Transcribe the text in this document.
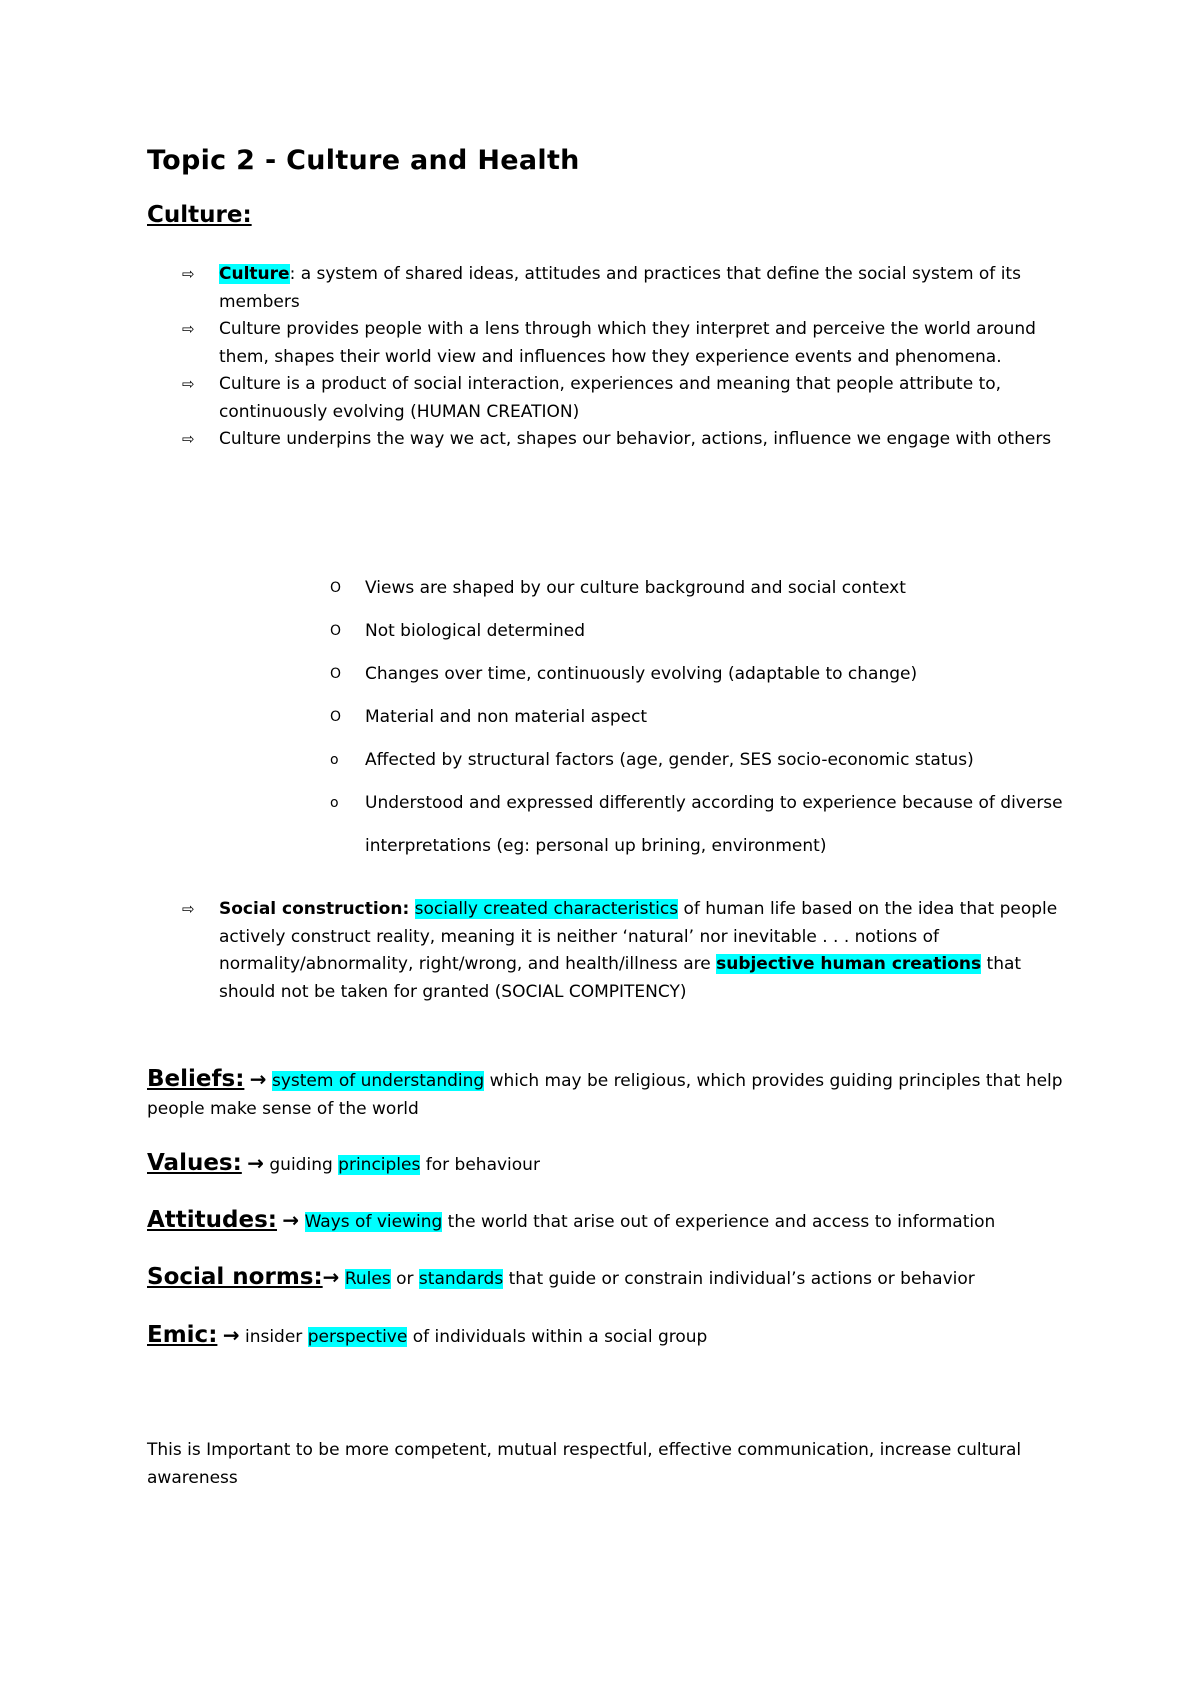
Topic 2 - Culture and Health
Culture:
⇨ Culture: a system of shared ideas, attitudes and practices that define the social system of its members
⇨ Culture provides people with a lens through which they interpret and perceive the world around them, shapes their world view and influences how they experience events and phenomena.
⇨ Culture is a product of social interaction, experiences and meaning that people attribute to, continuously evolving (HUMAN CREATION)
⇨ Culture underpins the way we act, shapes our behavior, actions, influence we engage with others
O Views are shaped by our culture background and social context
O Not biological determined
O Changes over time, continuously evolving (adaptable to change)
O Material and non material aspect
o Affected by structural factors (age, gender, SES socio-economic status)
o Understood and expressed differently according to experience because of diverse interpretations (eg: personal up brining, environment)
⇨ Social construction: socially created characteristics of human life based on the idea that people actively construct reality, meaning it is neither ‘natural’ nor inevitable . . . notions of normality/abnormality, right/wrong, and health/illness are subjective human creations that should not be taken for granted (SOCIAL COMPITENCY)

Beliefs: → system of understanding which may be religious, which provides guiding principles that help people make sense of the world

Values: → guiding principles for behaviour

Attitudes: → Ways of viewing the world that arise out of experience and access to information

Social norms:→ Rules or standards that guide or constrain individual’s actions or behavior

Emic: → insider perspective of individuals within a social group

This is Important to be more competent, mutual respectful, effective communication, increase cultural awareness
